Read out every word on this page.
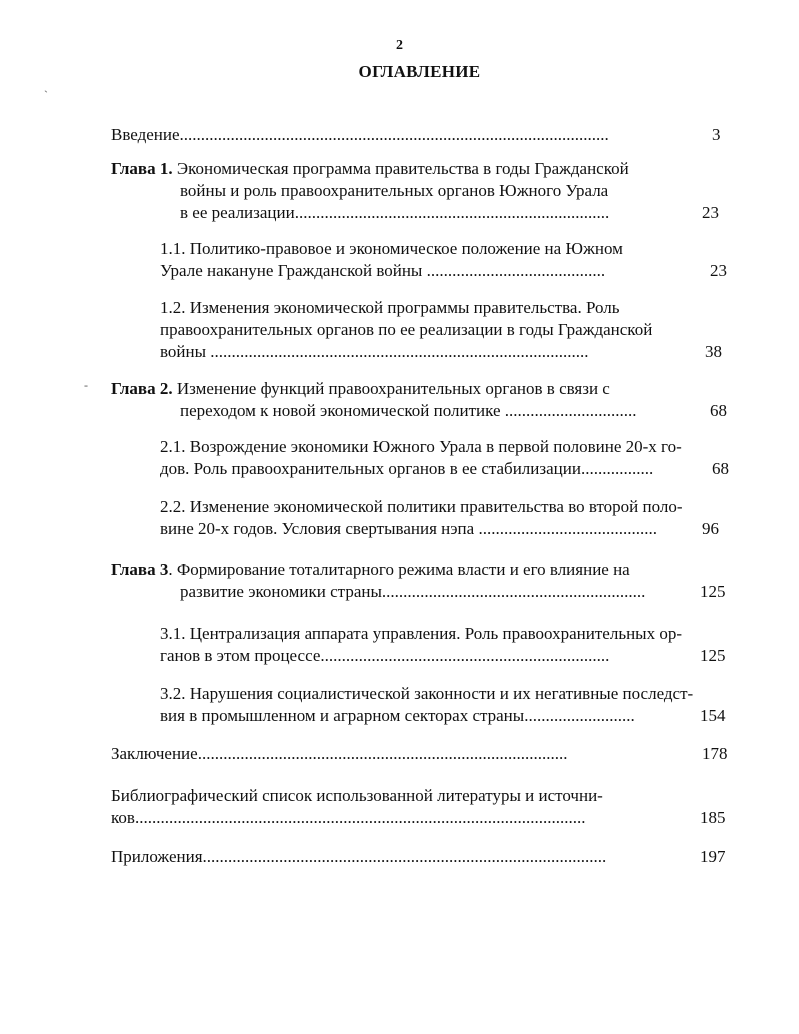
2
ОГЛАВЛЕНИЕ
ˋ
-
Введение.....................................................................................................	3
Глава 1. Экономическая программа правительства в годы Гражданской
войны и роль правоохранительных органов Южного Урала
в ее реализации..........................................................................	23
1.1. Политико-правовое и экономическое положение на Южном
Урале накануне Гражданской войны ..........................................	23
1.2. Изменения экономической программы правительства. Роль
правоохранительных органов по ее реализации в годы Гражданской
войны .........................................................................................	38
Глава 2. Изменение функций правоохранительных органов в связи с
переходом к новой экономической политике ...............................	68
2.1. Возрождение экономики Южного Урала в первой половине 20-х го-
дов. Роль правоохранительных органов в ее стабилизации.................	68
2.2. Изменение экономической политики правительства во второй поло-
вине 20-х годов. Условия свертывания нэпа ..........................................	96
Глава 3. Формирование тоталитарного режима власти и его влияние на
развитие экономики страны..............................................................	125
3.1. Централизация аппарата управления. Роль правоохранительных ор-
ганов в этом процессе....................................................................	125
3.2. Нарушения социалистической законности и их негативные последст-
вия в промышленном и аграрном секторах страны..........................	154
Заключение.......................................................................................	178
Библиографический список использованной литературы и источни-
ков..........................................................................................................	185
Приложения...............................................................................................	197
